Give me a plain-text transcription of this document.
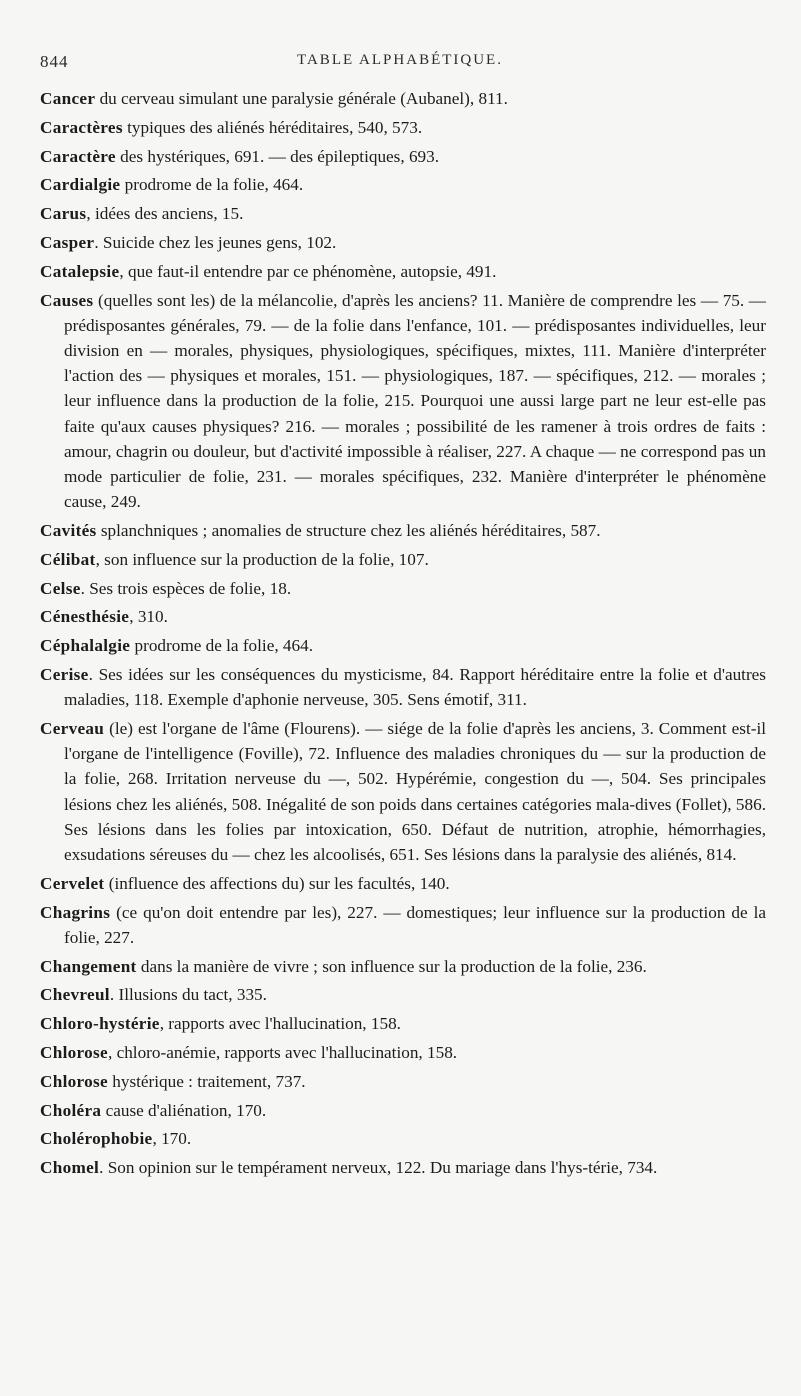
844	TABLE ALPHABÉTIQUE.

Cancer du cerveau simulant une paralysie générale (Aubanel), 811.

Caractères typiques des aliénés héréditaires, 540, 573.

Caractère des hystériques, 691. — des épileptiques, 693.

Cardialgie prodrome de la folie, 464.

Carus, idées des anciens, 15.

Casper. Suicide chez les jeunes gens, 102.

Catalepsie, que faut-il entendre par ce phénomène, autopsie, 491.

Causes (quelles sont les) de la mélancolie, d'après les anciens? 11. Manière de comprendre les — 75. — prédisposantes générales, 79. — de la folie dans l'enfance, 101. — prédisposantes individuelles, leur division en — morales, physiques, physiologiques, spécifiques, mixtes, 111. Manière d'interpréter l'action des — physiques et morales, 151. — physiologiques, 187. — spécifiques, 212. — morales ; leur influence dans la production de la folie, 215. Pourquoi une aussi large part ne leur est-elle pas faite qu'aux causes physiques? 216. — morales ; possibilité de les ramener à trois ordres de faits : amour, chagrin ou douleur, but d'activité impossible à réaliser, 227. A chaque — ne correspond pas un mode particulier de folie, 231. — morales spécifiques, 232. Manière d'interpréter le phénomène cause, 249.

Cavités splanchniques ; anomalies de structure chez les aliénés héréditaires, 587.

Célibat, son influence sur la production de la folie, 107.

Celse. Ses trois espèces de folie, 18.

Cénesthésie, 310.

Céphalalgie prodrome de la folie, 464.

Cerise. Ses idées sur les conséquences du mysticisme, 84. Rapport héréditaire entre la folie et d'autres maladies, 118. Exemple d'aphonie nerveuse, 305. Sens émotif, 311.

Cerveau (le) est l'organe de l'âme (Flourens). — siége de la folie d'après les anciens, 3. Comment est-il l'organe de l'intelligence (Foville), 72. Influence des maladies chroniques du — sur la production de la folie, 268. Irritation nerveuse du —, 502. Hypérémie, congestion du —, 504. Ses principales lésions chez les aliénés, 508. Inégalité de son poids dans certaines catégories mala-dives (Follet), 586. Ses lésions dans les folies par intoxication, 650. Défaut de nutrition, atrophie, hémorrhagies, exsudations séreuses du — chez les alcoolisés, 651. Ses lésions dans la paralysie des aliénés, 814.

Cervelet (influence des affections du) sur les facultés, 140.

Chagrins (ce qu'on doit entendre par les), 227. — domestiques; leur influence sur la production de la folie, 227.

Changement dans la manière de vivre ; son influence sur la production de la folie, 236.

Chevreul. Illusions du tact, 335.

Chloro-hystérie, rapports avec l'hallucination, 158.

Chlorose, chloro-anémie, rapports avec l'hallucination, 158.

Chlorose hystérique : traitement, 737.

Choléra cause d'aliénation, 170.

Cholérophobie, 170.

Chomel. Son opinion sur le tempérament nerveux, 122. Du mariage dans l'hys-térie, 734.
